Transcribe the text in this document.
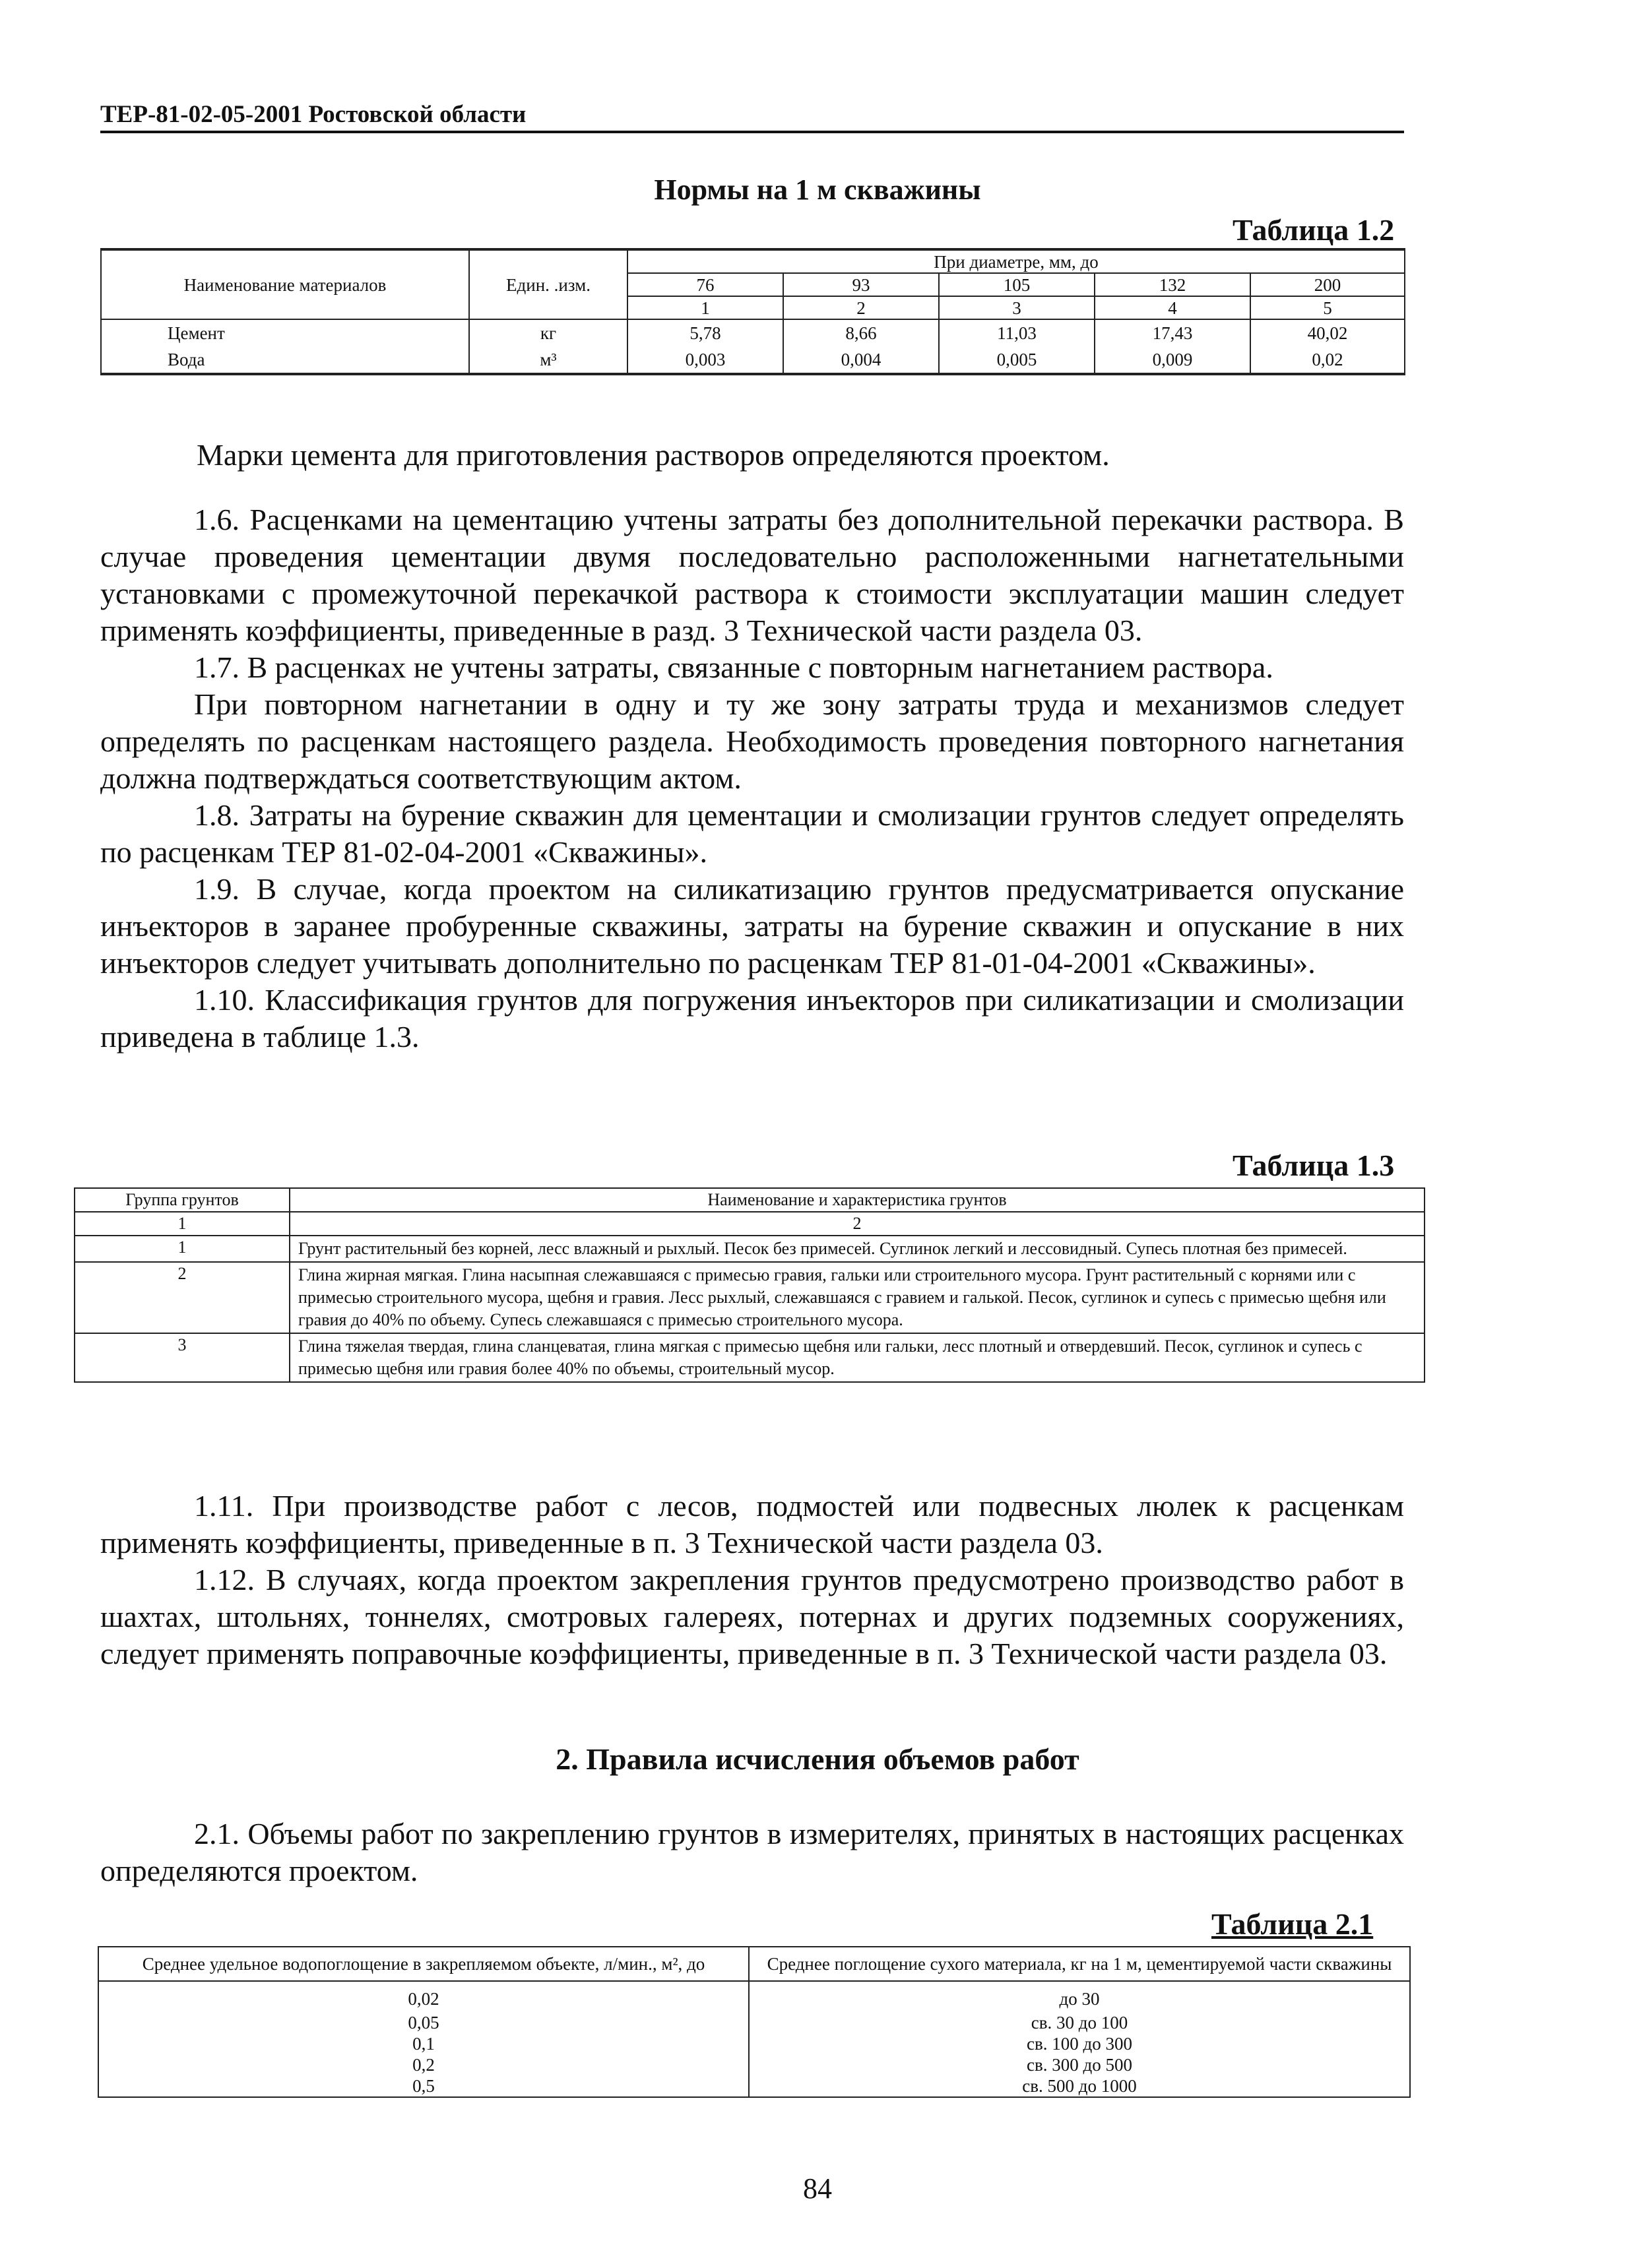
ТЕР-81-02-05-2001 Ростовской области
Нормы на 1 м скважины
Таблица 1.2
Наименование материалов	Един. .изм.	При диаметре, мм, до				
		76	93	105	132	200
		1	2	3	4	5
Цемент	кг	5,78	8,66	11,03	17,43	40,02
Вода	м³	0,003	0,004	0,005	0,009	0,02

Марки цемента для приготовления растворов определяются проектом.

1.6. Расценками на цементацию учтены затраты без дополнительной перекачки раствора. В случае проведения цементации двумя последовательно расположенными нагнетательными установками с промежуточной перекачкой раствора к стоимости эксплуатации машин следует применять коэффициенты, приведенные в разд. 3 Технической части раздела 03.

1.7. В расценках не учтены затраты, связанные с повторным нагнетанием раствора.

При повторном нагнетании в одну и ту же зону затраты труда и механизмов следует определять по расценкам настоящего раздела. Необходимость проведения повторного нагнетания должна подтверждаться соответствующим актом.

1.8. Затраты на бурение скважин для цементации и смолизации грунтов следует определять по расценкам ТЕР 81-02-04-2001 «Скважины».

1.9. В случае, когда проектом на силикатизацию грунтов предусматривается опускание инъекторов в заранее пробуренные скважины, затраты на бурение скважин и опускание в них инъекторов следует учитывать дополнительно по расценкам ТЕР 81-01-04-2001 «Скважины».

1.10. Классификация грунтов для погружения инъекторов при силикатизации и смолизации приведена в таблице 1.3.

Таблица 1.3
Группа грунтов	Наименование и характеристика грунтов
1	2
1	Грунт растительный без корней, лесс влажный и рыхлый. Песок без примесей. Суглинок легкий и лессовидный. Супесь плотная без примесей.
2	Глина жирная мягкая. Глина насыпная слежавшаяся с примесью гравия, гальки или строительного мусора. Грунт растительный с корнями или с примесью строительного мусора, щебня и гравия. Лесс рыхлый, слежавшаяся с гравием и галькой. Песок, суглинок и супесь с примесью щебня или гравия до 40% по объему. Супесь слежавшаяся с примесью строительного мусора.
3	Глина тяжелая твердая, глина сланцеватая, глина мягкая с примесью щебня или гальки, лесс плотный и отвердевший. Песок, суглинок и супесь с примесью щебня или гравия более 40% по объемы, строительный мусор.

1.11. При производстве работ с лесов, подмостей или подвесных люлек к расценкам применять коэффициенты, приведенные в п. 3 Технической части раздела 03.

1.12. В случаях, когда проектом закрепления грунтов предусмотрено производство работ в шахтах, штольнях, тоннелях, смотровых галереях, потернах и других подземных сооружениях, следует применять поправочные коэффициенты, приведенные в п. 3 Технической части раздела 03.

2. Правила исчисления объемов работ

2.1. Объемы работ по закреплению грунтов в измерителях, принятых в настоящих расценках определяются проектом.

Таблица 2.1
Среднее удельное водопоглощение в закрепляемом объекте, л/мин., м², до	Среднее поглощение сухого материала, кг на 1 м, цементируемой части скважины
0,02	до 30
0,05	св. 30 до 100
0,1	св. 100 до 300
0,2	св. 300 до 500
0,5	св. 500 до 1000
84
